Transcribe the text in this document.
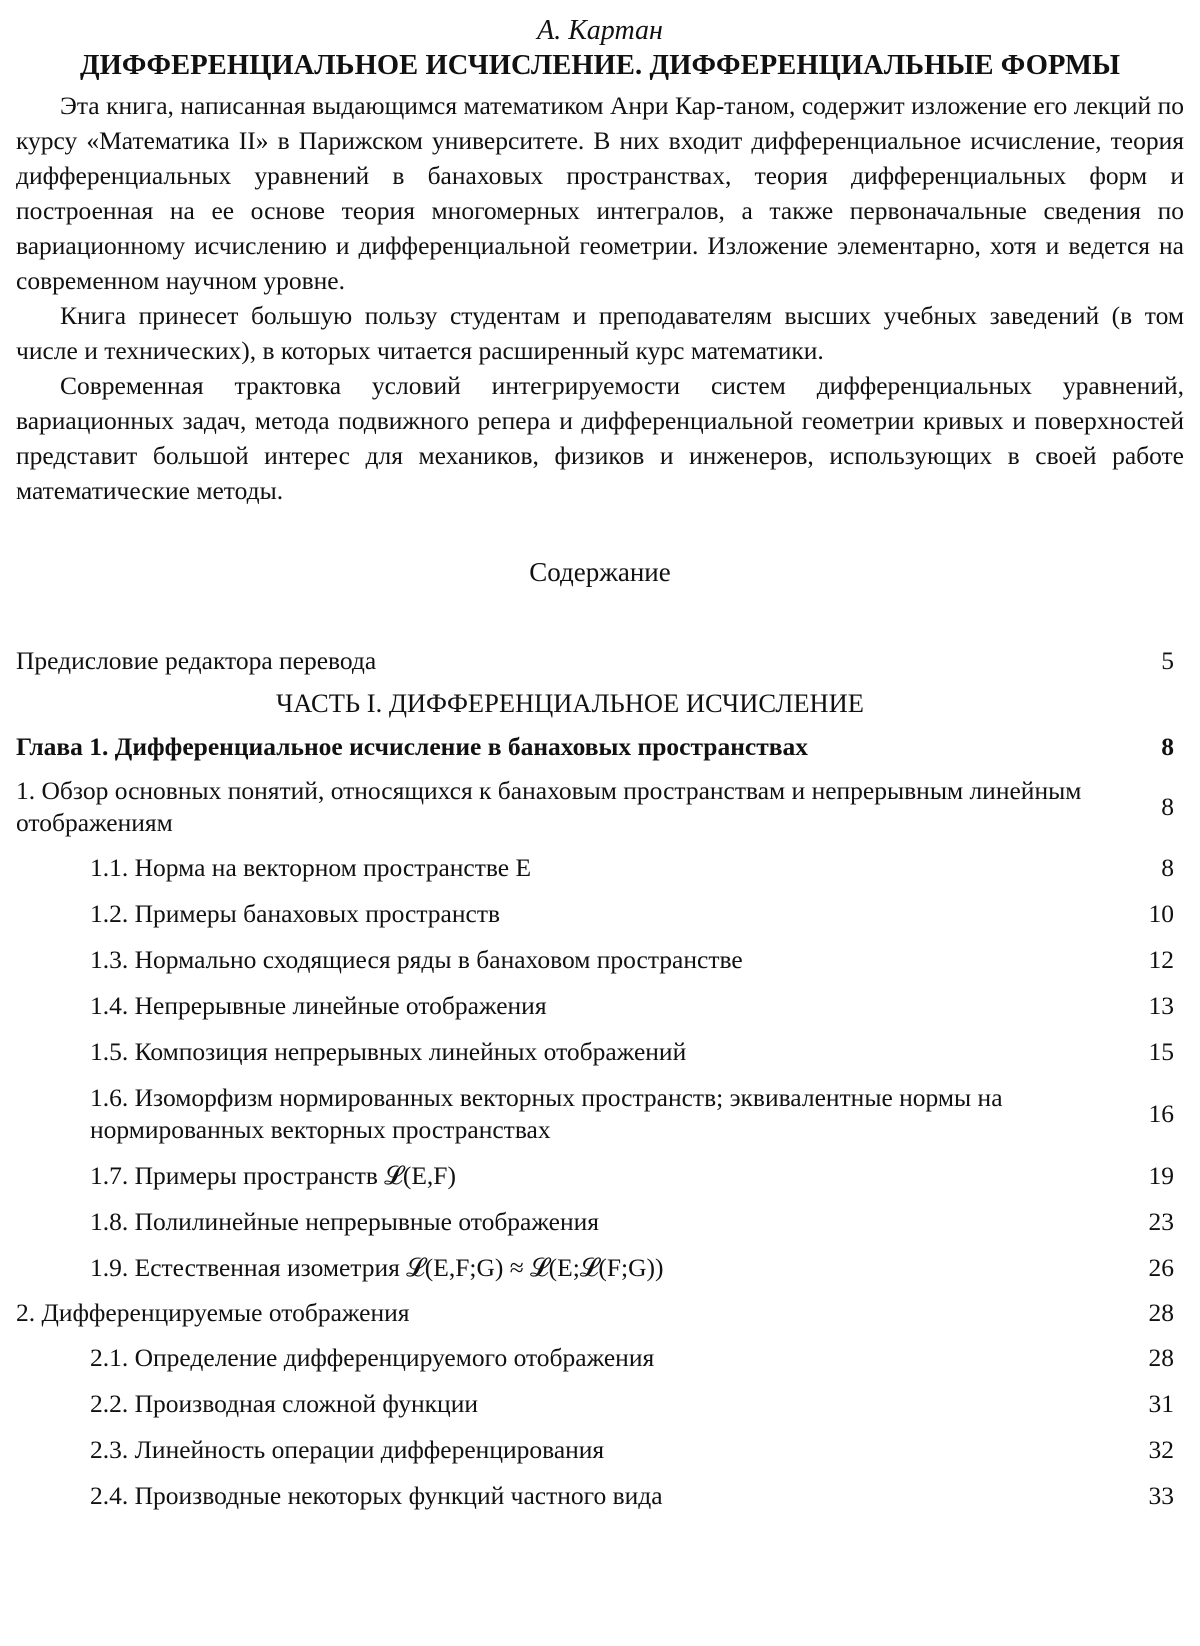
А. Картан

ДИФФЕРЕНЦИАЛЬНОЕ ИСЧИСЛЕНИЕ. ДИФФЕРЕНЦИАЛЬНЫЕ ФОРМЫ

Эта книга, написанная выдающимся математиком Анри Кар-таном, содержит изложение его лекций по курсу «Математика II» в Парижском университете. В них входит дифференциальное исчисление, теория дифференциальных уравнений в банаховых пространствах, теория дифференциальных форм и построенная на ее основе теория многомерных интегралов, а также первоначальные сведения по вариационному исчислению и дифференциальной геометрии. Изложение элементарно, хотя и ведется на современном научном уровне.

Книга принесет большую пользу студентам и преподавателям высших учебных заведений (в том числе и технических), в которых читается расширенный курс математики.

Современная трактовка условий интегрируемости систем дифференциальных уравнений, вариационных задач, метода подвижного репера и дифференциальной геометрии кривых и поверхностей представит большой интерес для механиков, физиков и инженеров, использующих в своей работе математические методы.

Содержание
Предисловие редактора перевода	5
ЧАСТЬ I. ДИФФЕРЕНЦИАЛЬНОЕ ИСЧИСЛЕНИЕ	
Глава 1. Дифференциальное исчисление в банаховых пространствах	8
1. Обзор основных понятий, относящихся к банаховым пространствам и непрерывным линейным отображениям	8
1.1. Норма на векторном пространстве E	8
1.2. Примеры банаховых пространств	10
1.3. Нормально сходящиеся ряды в банаховом пространстве	12
1.4. Непрерывные линейные отображения	13
1.5. Композиция непрерывных линейных отображений	15
1.6. Изоморфизм нормированных векторных пространств; эквивалентные нормы на нормированных векторных пространствах	16
1.7. Примеры пространств 𝓛(E,F)	19
1.8. Полилинейные непрерывные отображения	23
1.9. Естественная изометрия 𝓛(E,F;G) ≈ 𝓛(E;𝓛(F;G))	26
2. Дифференцируемые отображения	28
2.1. Определение дифференцируемого отображения	28
2.2. Производная сложной функции	31
2.3. Линейность операции дифференцирования	32
2.4. Производные некоторых функций частного вида	33
